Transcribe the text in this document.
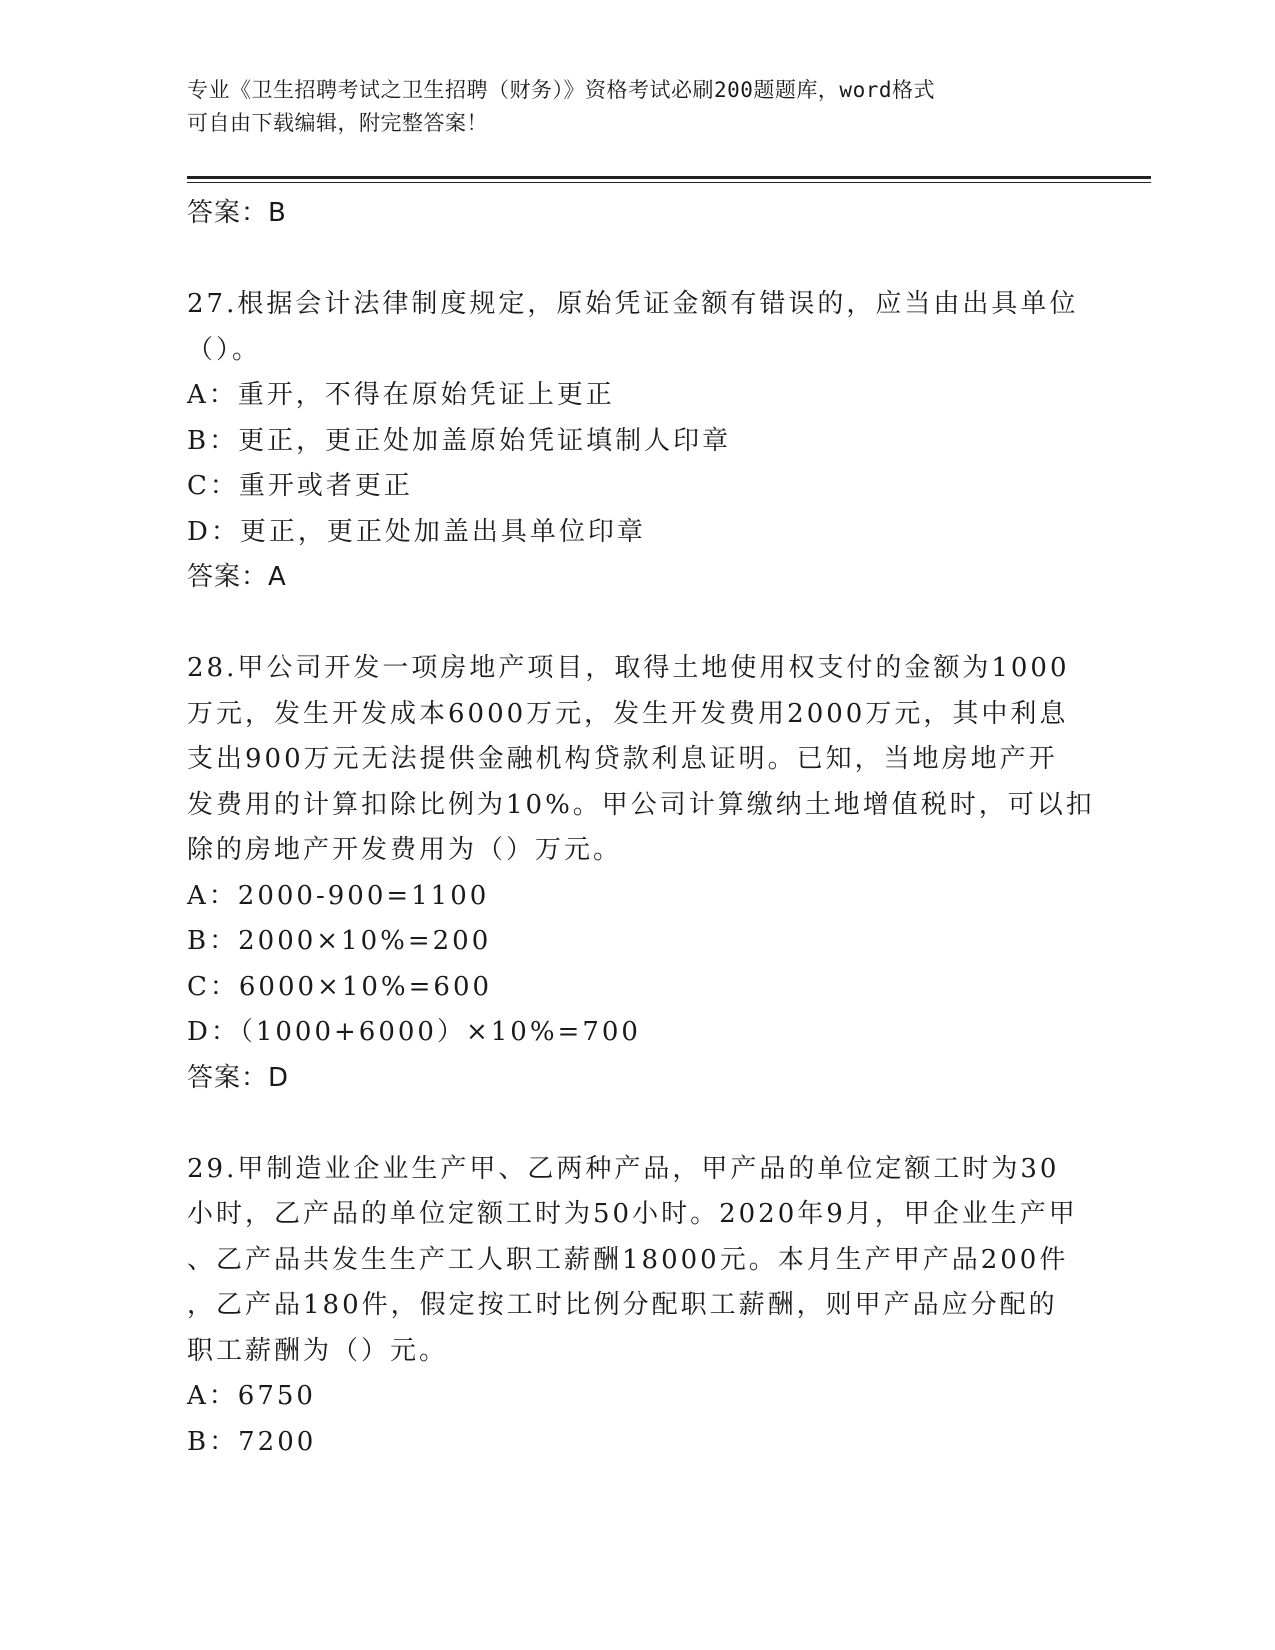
专业《卫生招聘考试之卫生招聘（财务）》资格考试必刷200题题库，word格式
可自由下载编辑，附完整答案！
答案：B
27.根据会计法律制度规定，原始凭证金额有错误的，应当由出具单位
（）。
A：重开，不得在原始凭证上更正
B：更正，更正处加盖原始凭证填制人印章
C：重开或者更正
D：更正，更正处加盖出具单位印章
答案：A
28.甲公司开发一项房地产项目，取得土地使用权支付的金额为1000
万元，发生开发成本6000万元，发生开发费用2000万元，其中利息
支出900万元无法提供金融机构贷款利息证明。已知，当地房地产开
发费用的计算扣除比例为10%。甲公司计算缴纳土地增值税时，可以扣
除的房地产开发费用为（）万元。
A：2000-900=1100
B：2000×10%=200
C：6000×10%=600
D：（1000+6000）×10%=700
答案：D
29.甲制造业企业生产甲、乙两种产品，甲产品的单位定额工时为30
小时，乙产品的单位定额工时为50小时。2020年9月，甲企业生产甲
、乙产品共发生生产工人职工薪酬18000元。本月生产甲产品200件
，乙产品180件，假定按工时比例分配职工薪酬，则甲产品应分配的
职工薪酬为（）元。
A：6750
B：7200
